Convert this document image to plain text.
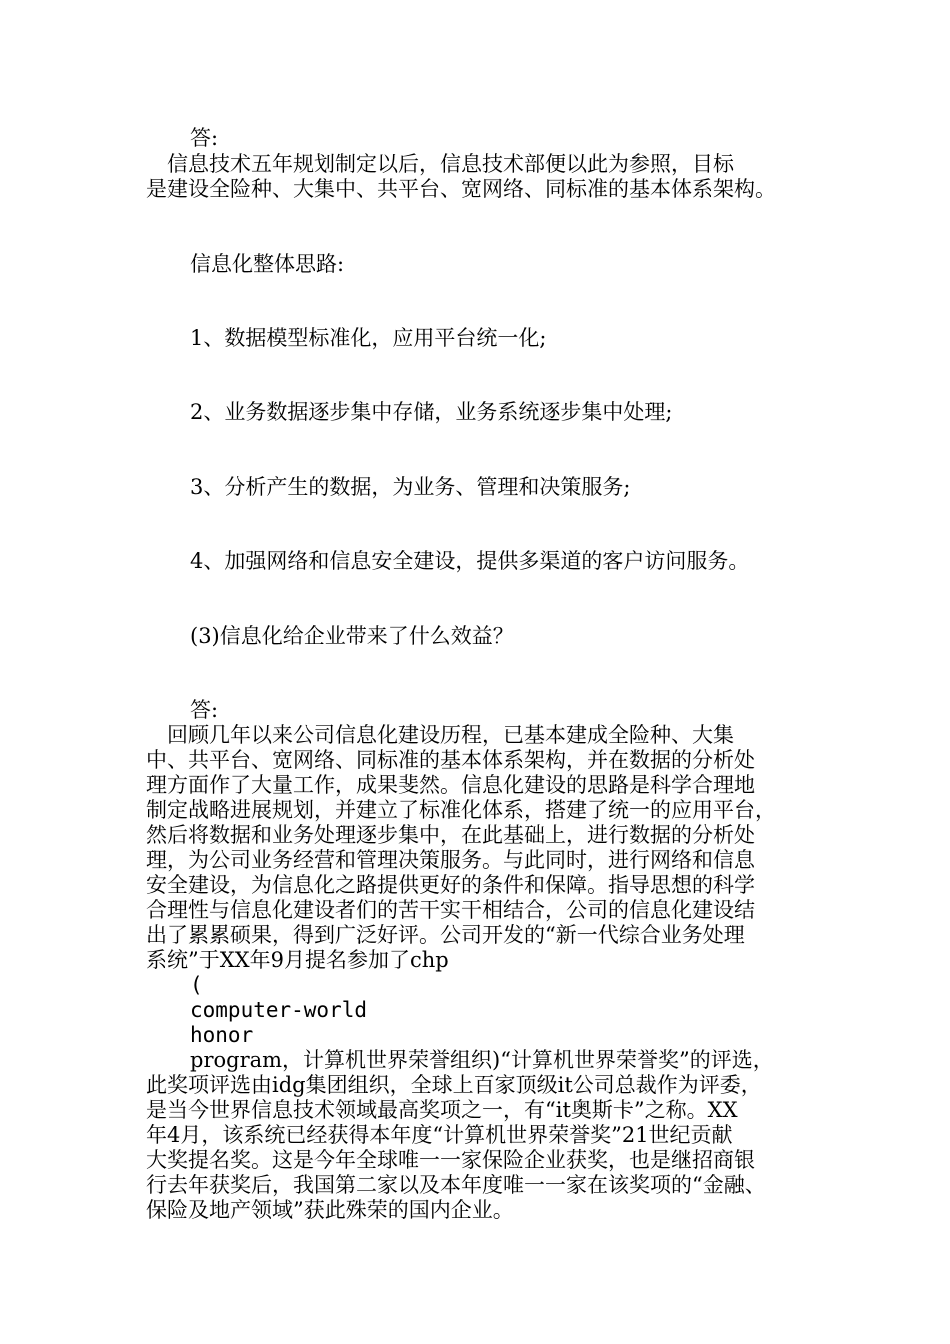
答:
　信息技术五年规划制定以后，信息技术部便以此为参照，目标
是建设全险种、大集中、共平台、宽网络、同标准的基本体系架构。
信息化整体思路:
1、数据模型标准化，应用平台统一化;
2、业务数据逐步集中存储，业务系统逐步集中处理;
3、分析产生的数据，为业务、管理和决策服务;
4、加强网络和信息安全建设，提供多渠道的客户访问服务。
(3)信息化给企业带来了什么效益？
答:
　回顾几年以来公司信息化建设历程，已基本建成全险种、大集
中、共平台、宽网络、同标准的基本体系架构，并在数据的分析处
理方面作了大量工作，成果斐然。信息化建设的思路是科学合理地
制定战略进展规划，并建立了标准化体系，搭建了统一的应用平台，
然后将数据和业务处理逐步集中，在此基础上，进行数据的分析处
理，为公司业务经营和管理决策服务。与此同时，进行网络和信息
安全建设，为信息化之路提供更好的条件和保障。指导思想的科学
合理性与信息化建设者们的苦干实干相结合，公司的信息化建设结
出了累累硕果，得到广泛好评。公司开发的“新一代综合业务处理
系统”于XX年9月提名参加了chp
(
computer-world
honor
program，计算机世界荣誉组织)“计算机世界荣誉奖”的评选，
此奖项评选由idg集团组织，全球上百家顶级it公司总裁作为评委，
是当今世界信息技术领域最高奖项之一，有“it奥斯卡”之称。XX
年4月，该系统已经获得本年度“计算机世界荣誉奖”21世纪贡献
大奖提名奖。这是今年全球唯一一家保险企业获奖，也是继招商银
行去年获奖后，我国第二家以及本年度唯一一家在该奖项的“金融、
保险及地产领域”获此殊荣的国内企业。
